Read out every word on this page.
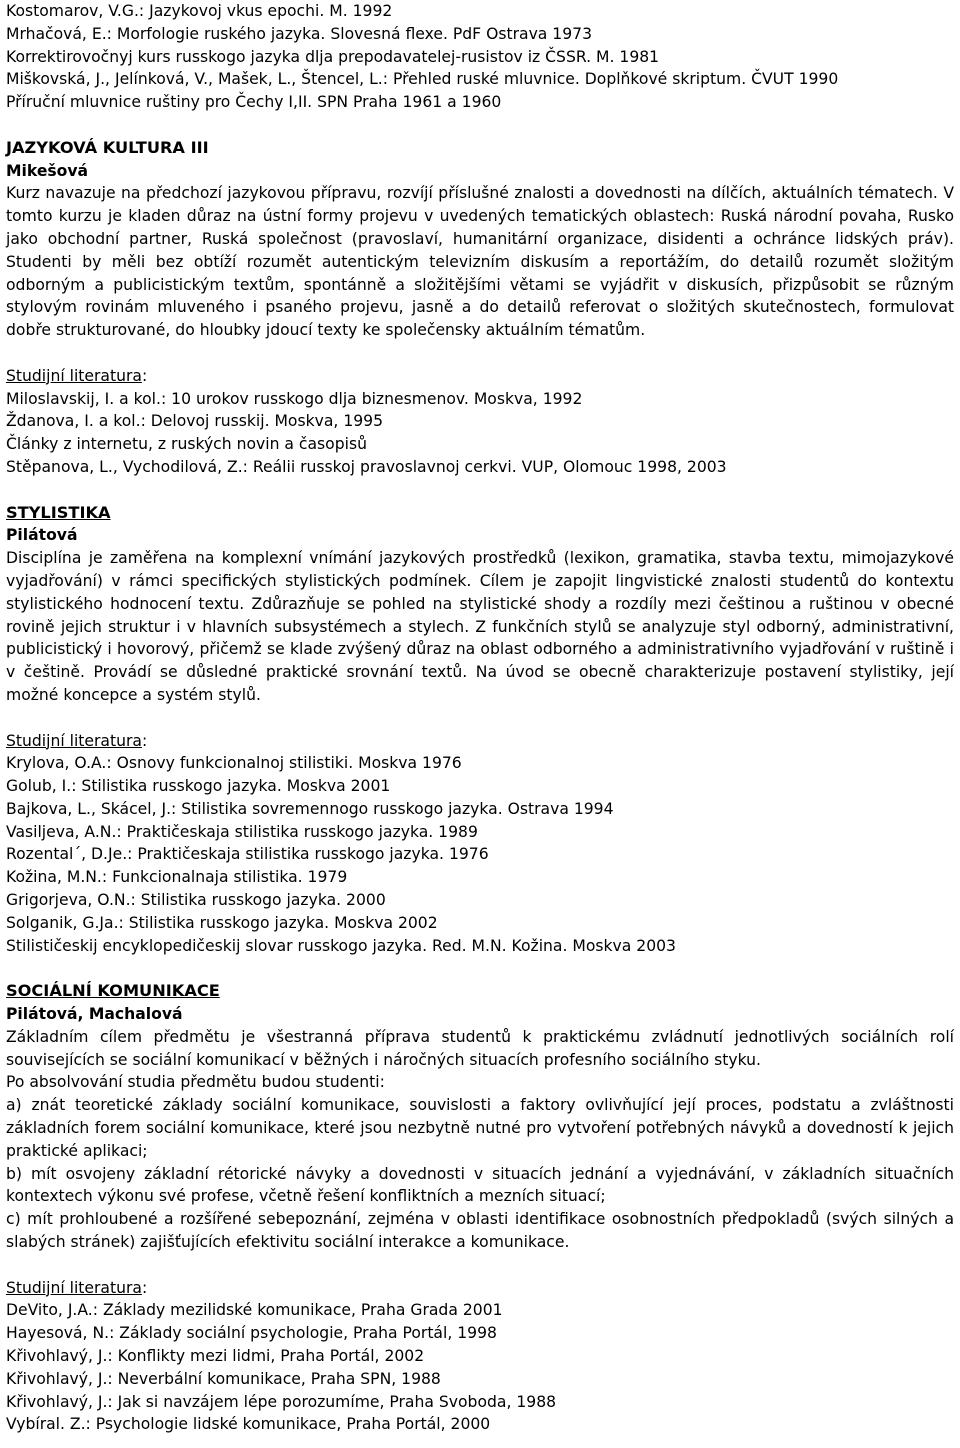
Kostomarov, V.G.: Jazykovoj vkus epochi. M. 1992
Mrhačová, E.: Morfologie ruského jazyka. Slovesná flexe. PdF Ostrava 1973
Korrektirovočnyj kurs russkogo jazyka dlja prepodavatelej-rusistov iz ČSSR. M. 1981
Miškovská, J., Jelínková, V., Mašek, L., Štencel, L.: Přehled ruské mluvnice. Doplňkové skriptum. ČVUT 1990
Příruční mluvnice ruštiny pro Čechy I,II. SPN Praha 1961 a 1960
JAZYKOVÁ KULTURA III
Mikešová
Kurz navazuje na předchozí jazykovou přípravu, rozvíjí příslušné znalosti a dovednosti na dílčích, aktuálních tématech. V tomto kurzu je kladen důraz na ústní formy projevu v uvedených tematických oblastech: Ruská národní povaha, Rusko jako obchodní partner, Ruská společnost (pravoslaví, humanitární organizace, disidenti a ochránce lidských práv). Studenti by měli bez obtíží rozumět autentickým televizním diskusím a reportážím, do detailů rozumět složitým odborným a publicistickým textům, spontánně a složitějšími větami se vyjádřit v diskusích, přizpůsobit se různým stylovým rovinám mluveného i psaného projevu, jasně a do detailů referovat o složitých skutečnostech, formulovat dobře strukturované, do hloubky jdoucí texty ke společensky aktuálním tématům.
Studijní literatura:
Miloslavskij, I. a kol.: 10 urokov russkogo dlja biznesmenov. Moskva, 1992
Ždanova, I. a kol.: Delovoj russkij. Moskva, 1995
Články z internetu, z ruských novin a časopisů
Stěpanova, L., Vychodilová, Z.: Reálii russkoj pravoslavnoj cerkvi. VUP, Olomouc 1998, 2003
STYLISTIKA
Pilátová
Disciplína je zaměřena na komplexní vnímání jazykových prostředků (lexikon, gramatika, stavba textu, mimojazykové vyjadřování) v rámci specifických stylistických podmínek. Cílem je zapojit lingvistické znalosti studentů do kontextu stylistického hodnocení textu. Zdůrazňuje se pohled na stylistické shody a rozdíly mezi češtinou a ruštinou v obecné rovině jejich struktur i v hlavních subsystémech a stylech. Z funkčních stylů se analyzuje styl odborný, administrativní, publicistický i hovorový, přičemž se klade zvýšený důraz na oblast odborného a administrativního vyjadřování v ruštině i v češtině. Provádí se důsledné praktické srovnání textů. Na úvod se obecně charakterizuje postavení stylistiky, její možné koncepce a systém stylů.
Studijní literatura:
Krylova, O.A.: Osnovy funkcionalnoj stilistiki. Moskva 1976
Golub, I.: Stilistika russkogo jazyka. Moskva 2001
Bajkova, L., Skácel, J.: Stilistika sovremennogo russkogo jazyka. Ostrava 1994
Vasiljeva, A.N.: Praktičeskaja stilistika russkogo jazyka. 1989
Rozental´, D.Je.: Praktičeskaja stilistika russkogo jazyka. 1976
Kožina, M.N.: Funkcionalnaja stilistika. 1979
Grigorjeva, O.N.: Stilistika russkogo jazyka. 2000
Solganik, G.Ja.: Stilistika russkogo jazyka. Moskva 2002
Stilističeskij encyklopedičeskij slovar russkogo jazyka. Red. M.N. Kožina. Moskva 2003
SOCIÁLNÍ KOMUNIKACE
Pilátová, Machalová
Základním cílem předmětu je všestranná příprava studentů k praktickému zvládnutí jednotlivých sociálních rolí souvisejících se sociální komunikací v běžných i náročných situacích profesního sociálního styku.
Po absolvování studia předmětu budou studenti:
a) znát teoretické základy sociální komunikace, souvislosti a faktory ovlivňující její proces, podstatu a zvláštnosti základních forem sociální komunikace, které jsou nezbytně nutné pro vytvoření potřebných návyků a dovedností k jejich praktické aplikaci;
b) mít osvojeny základní rétorické návyky a dovednosti v situacích jednání a vyjednávání, v základních situačních kontextech výkonu své profese, včetně řešení konfliktních a mezních situací;
c) mít prohloubené a rozšířené sebepoznání, zejména v oblasti identifikace osobnostních předpokladů (svých silných a slabých stránek) zajišťujících efektivitu sociální interakce a komunikace.
Studijní literatura:
DeVito, J.A.: Základy mezilidské komunikace, Praha Grada 2001
Hayesová, N.: Základy sociální psychologie, Praha Portál, 1998
Křivohlavý, J.: Konflikty mezi lidmi, Praha Portál, 2002
Křivohlavý, J.: Neverbální komunikace, Praha SPN, 1988
Křivohlavý, J.: Jak si navzájem lépe porozumíme, Praha Svoboda, 1988
Vybíral. Z.: Psychologie lidské komunikace, Praha Portál, 2000
